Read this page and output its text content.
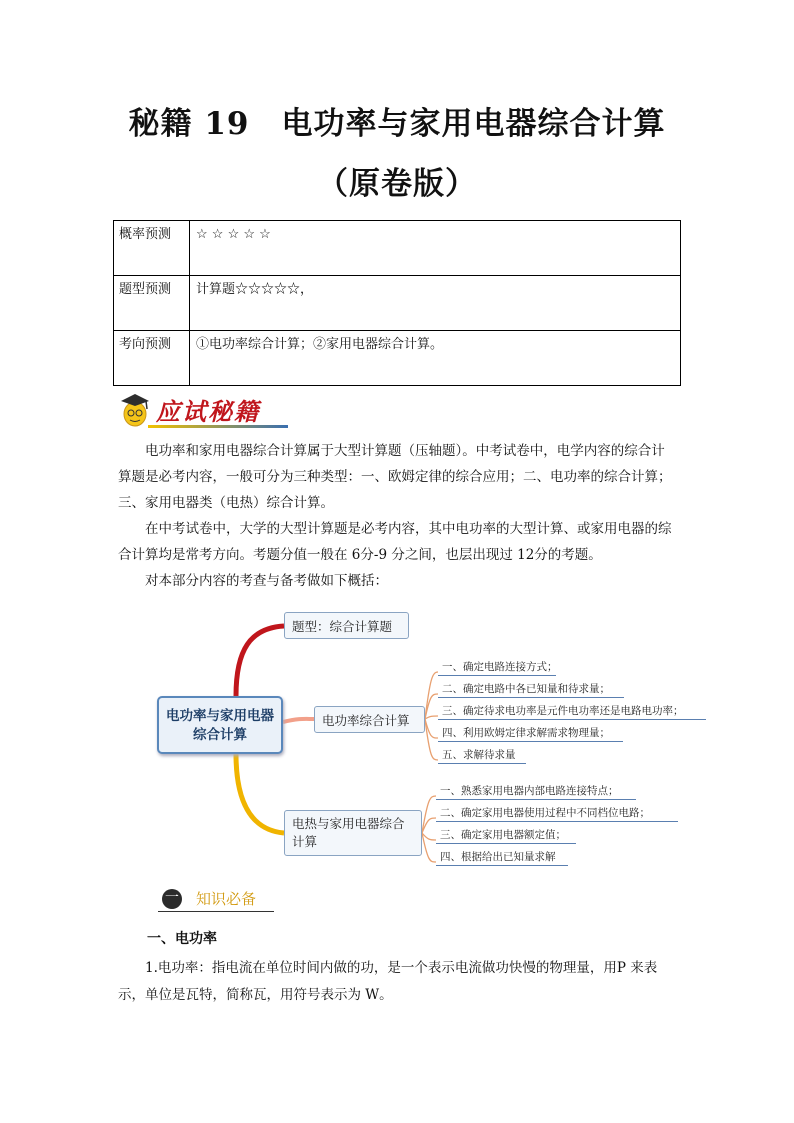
秘籍 19　电功率与家用电器综合计算
（原卷版）
概率预测	☆ ☆ ☆ ☆ ☆
题型预测	计算题☆☆☆☆☆，
考向预测	①电功率综合计算；②家用电器综合计算。
应试秘籍

电功率和家用电器综合计算属于大型计算题（压轴题）。中考试卷中，电学内容的综合计算题是必考内容，一般可分为三种类型：一、欧姆定律的综合应用；二、电功率的综合计算；三、家用电器类（电热）综合计算。

在中考试卷中，大学的大型计算题是必考内容，其中电功率的大型计算、或家用电器的综合计算均是常考方向。考题分值一般在 6分-9 分之间，也层出现过 12分的考题。

对本部分内容的考查与备考做如下概括：

电功率与家用电器综合计算
题型：综合计算题
电功率综合计算
电热与家用电器综合计算
一、确定电路连接方式；
二、确定电路中各已知量和待求量；
三、确定待求电功率是元件电功率还是电路电功率；
四、利用欧姆定律求解需求物理量；
五、求解待求量
一、熟悉家用电器内部电路连接特点；
二、确定家用电器使用过程中不同档位电路；
三、确定家用电器额定值；
四、根据给出已知量求解
一 知识必备
一、电功率

1.电功率：指电流在单位时间内做的功，是一个表示电流做功快慢的物理量，用P 来表示，单位是瓦特，简称瓦，用符号表示为 W。
